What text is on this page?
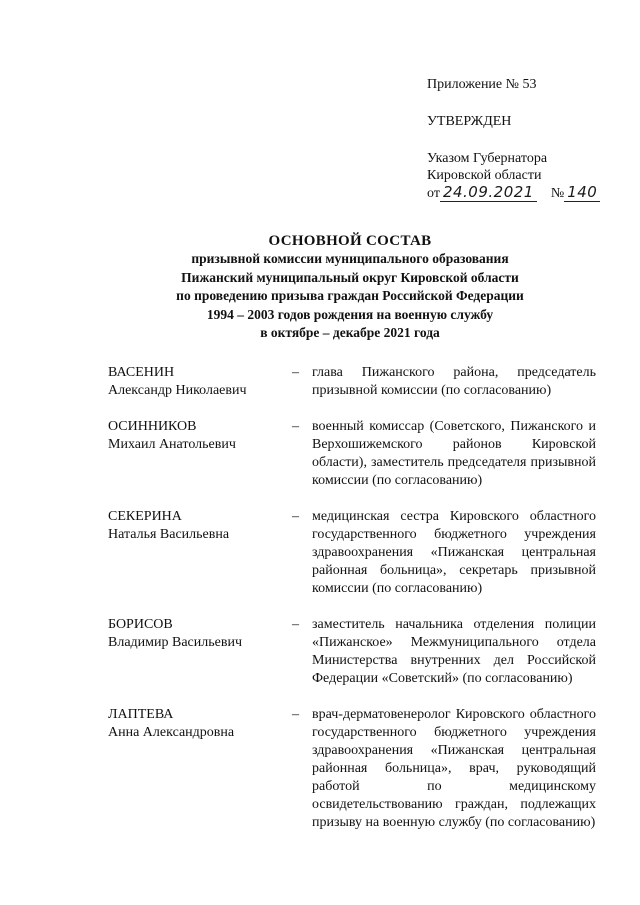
Приложение № 53

УТВЕРЖДЕН

Указом Губернатора
Кировской области
от 24.09.2021 № 140
ОСНОВНОЙ СОСТАВ
призывной комиссии муниципального образования
Пижанский муниципальный округ Кировской области
по проведению призыва граждан Российской Федерации
1994 – 2003 годов рождения на военную службу
в октябре – декабре 2021 года
ВАСЕНИН
Александр Николаевич
– глава Пижанского района, председатель призывной комиссии (по согласованию)
ОСИННИКОВ
Михаил Анатольевич
– военный комиссар (Советского, Пижанского и Верхошижемского районов Кировской области), заместитель председателя призывной комиссии (по согласованию)
СЕКЕРИНА
Наталья Васильевна
– медицинская сестра Кировского областного государственного бюджетного учреждения здравоохранения «Пижанская центральная районная больница», секретарь призывной комиссии (по согласованию)
БОРИСОВ
Владимир Васильевич
– заместитель начальника отделения полиции «Пижанское» Межмуниципального отдела Министерства внутренних дел Российской Федерации «Советский» (по согласованию)
ЛАПТЕВА
Анна Александровна
– врач-дерматовенеролог Кировского областного государственного бюджетного учреждения здравоохранения «Пижанская центральная районная больница», врач, руководящий работой по медицинскому освидетельствованию граждан, подлежащих призыву на военную службу (по согласованию)
